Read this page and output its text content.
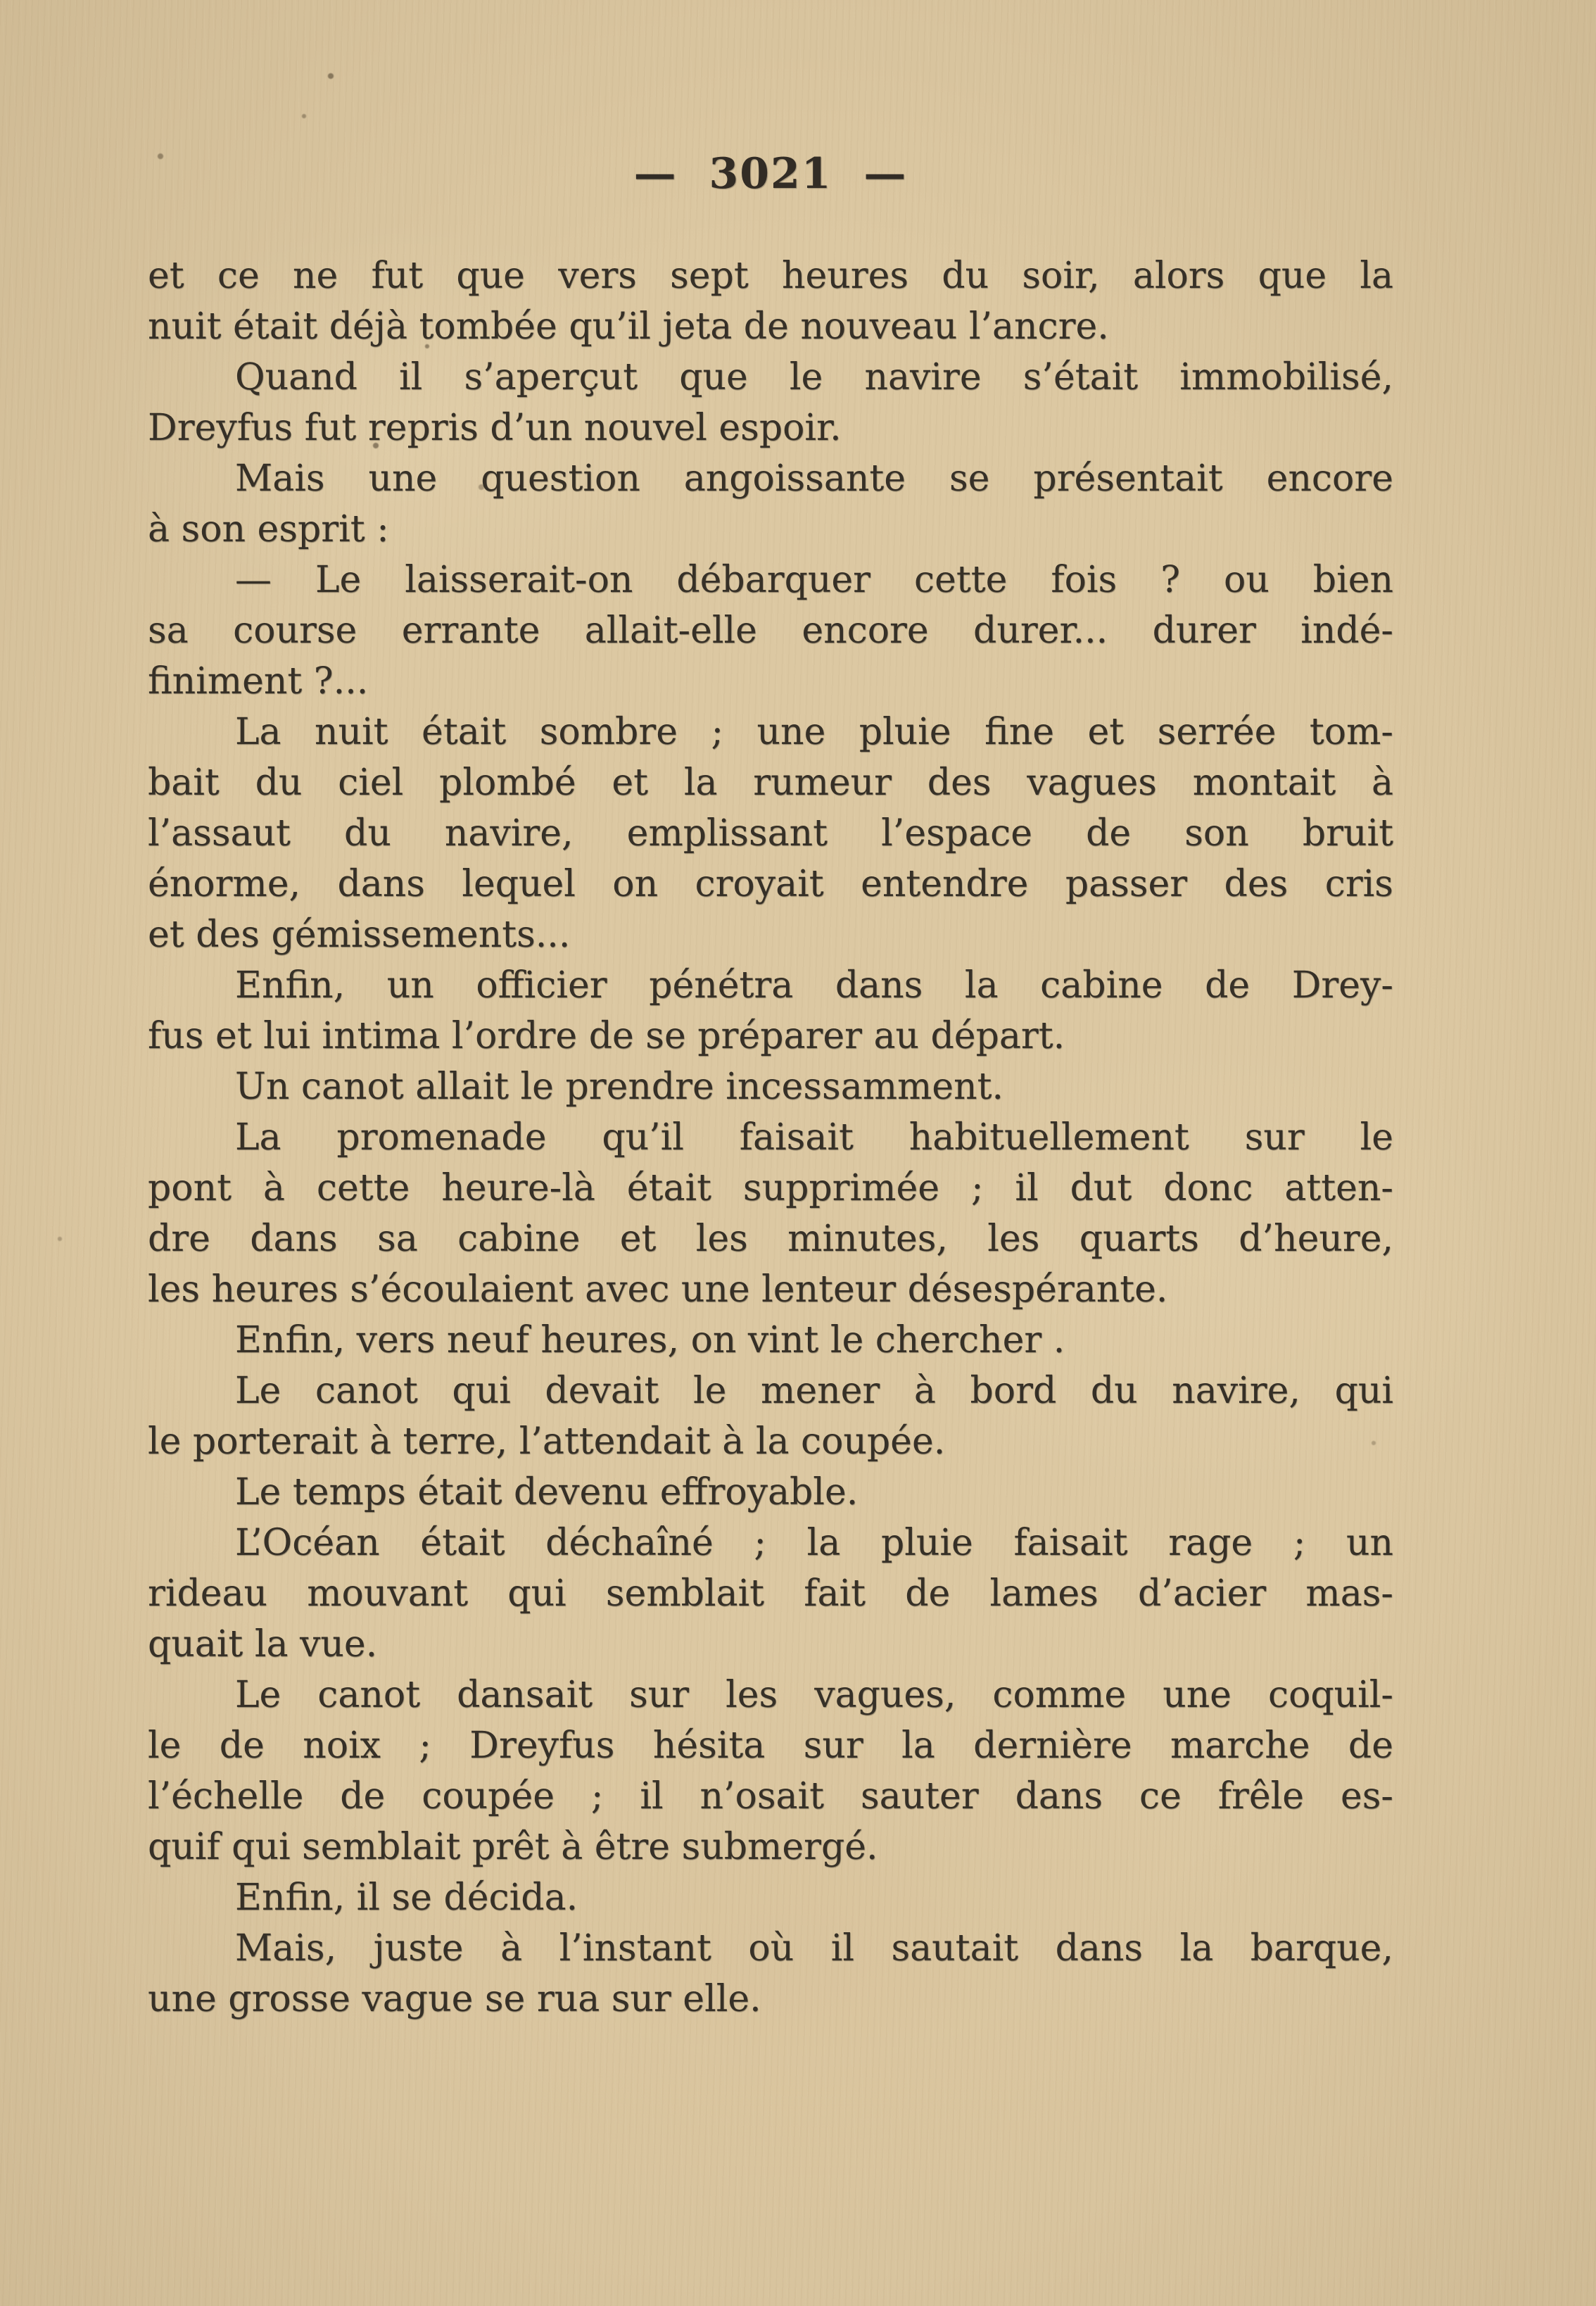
— 3021 —

et ce ne fut que vers sept heures du soir, alors que la
nuit était déjà tombée qu’il jeta de nouveau l’ancre.

Quand il s’aperçut que le navire s’était immobilisé,
Dreyfus fut repris d’un nouvel espoir.

Mais une question angoissante se présentait encore
à son esprit :

— Le laisserait-on débarquer cette fois ? ou bien
sa course errante allait-elle encore durer... durer indé-
finiment ?...

La nuit était sombre ; une pluie fine et serrée tom-
bait du ciel plombé et la rumeur des vagues montait à
l’assaut du navire, emplissant l’espace de son bruit
énorme, dans lequel on croyait entendre passer des cris
et des gémissements...

Enfin, un officier pénétra dans la cabine de Drey-
fus et lui intima l’ordre de se préparer au départ.

Un canot allait le prendre incessamment.

La promenade qu’il faisait habituellement sur le
pont à cette heure-là était supprimée ; il dut donc atten-
dre dans sa cabine et les minutes, les quarts d’heure,
les heures s’écoulaient avec une lenteur désespérante.

Enfin, vers neuf heures, on vint le chercher .

Le canot qui devait le mener à bord du navire, qui
le porterait à terre, l’attendait à la coupée.

Le temps était devenu effroyable.

L’Océan était déchaîné ; la pluie faisait rage ; un
rideau mouvant qui semblait fait de lames d’acier mas-
quait la vue.

Le canot dansait sur les vagues, comme une coquil-
le de noix ; Dreyfus hésita sur la dernière marche de
l’échelle de coupée ; il n’osait sauter dans ce frêle es-
quif qui semblait prêt à être submergé.

Enfin, il se décida.

Mais, juste à l’instant où il sautait dans la barque,
une grosse vague se rua sur elle.
